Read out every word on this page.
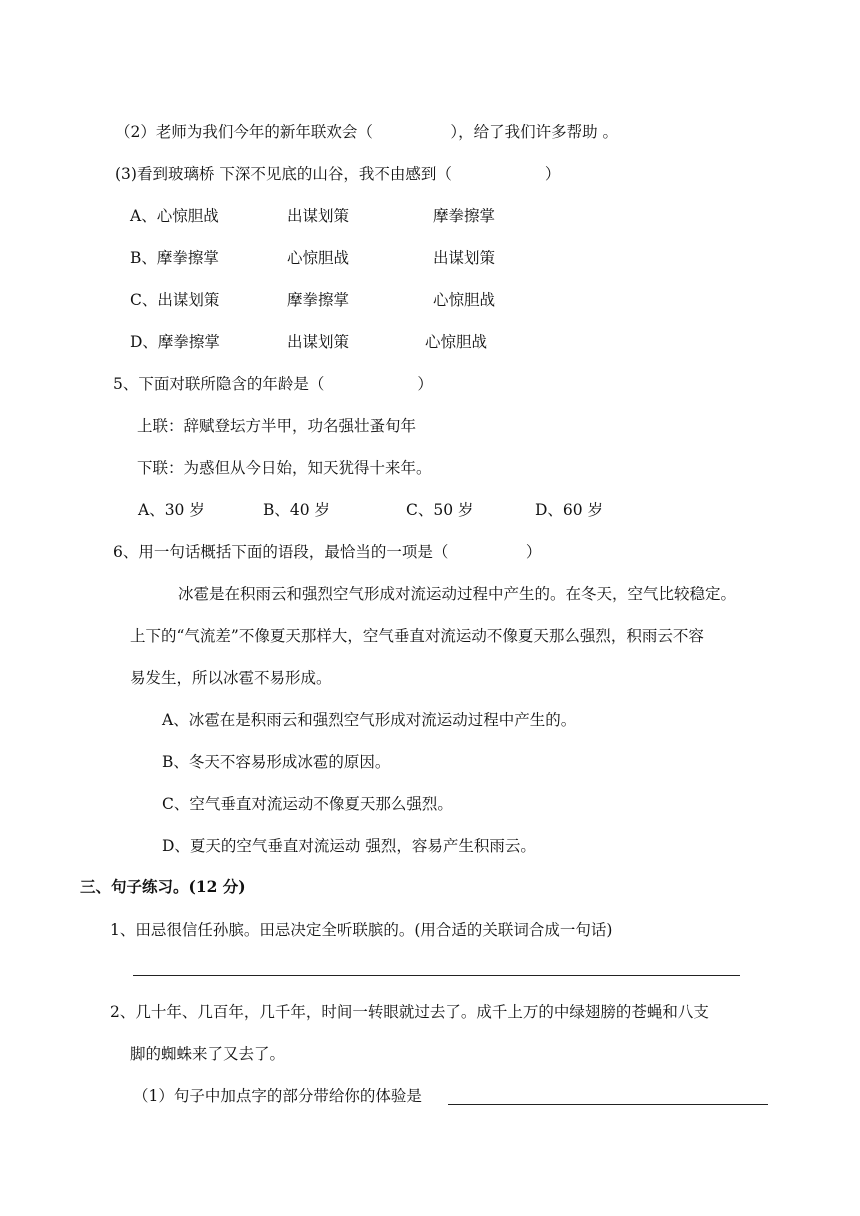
（2）老师为我们今年的新年联欢会（　　　　　），给了我们许多帮助 。
(3)看到玻璃桥 下深不见底的山谷，我不由感到（　　　　　　）
A、心惊胆战	出谋划策	摩拳擦掌
B、摩拳擦掌	心惊胆战	出谋划策
C、出谋划策	摩拳擦掌	心惊胆战
D、摩拳擦掌	出谋划策	心惊胆战
5、下面对联所隐含的年龄是（　　　　　　）
上联：辞赋登坛方半甲，功名强壮蚤旬年
下联：为惑但从今日始，知天犹得十来年。
A、30 岁	B、40 岁	C、50 岁	D、60 岁
6、用一句话概括下面的语段，最恰当的一项是（　　　　　）
冰雹是在积雨云和强烈空气形成对流运动过程中产生的。在冬天，空气比较稳定。
上下的“气流差”不像夏天那样大，空气垂直对流运动不像夏天那么强烈，积雨云不容
易发生，所以冰雹不易形成。
A、冰雹在是积雨云和强烈空气形成对流运动过程中产生的。
B、冬天不容易形成冰雹的原因。
C、空气垂直对流运动不像夏天那么强烈。
D、夏天的空气垂直对流运动 强烈，容易产生积雨云。
三、句子练习。(12 分)
1、田忌很信任孙膑。田忌决定全听联膑的。(用合适的关联词合成一句话)
2、几十年、几百年，几千年，时间一转眼就过去了。成千上万的中绿翅膀的苍蝇和八支
脚的蜘蛛来了又去了。
（1）句子中加点字的部分带给你的体验是
